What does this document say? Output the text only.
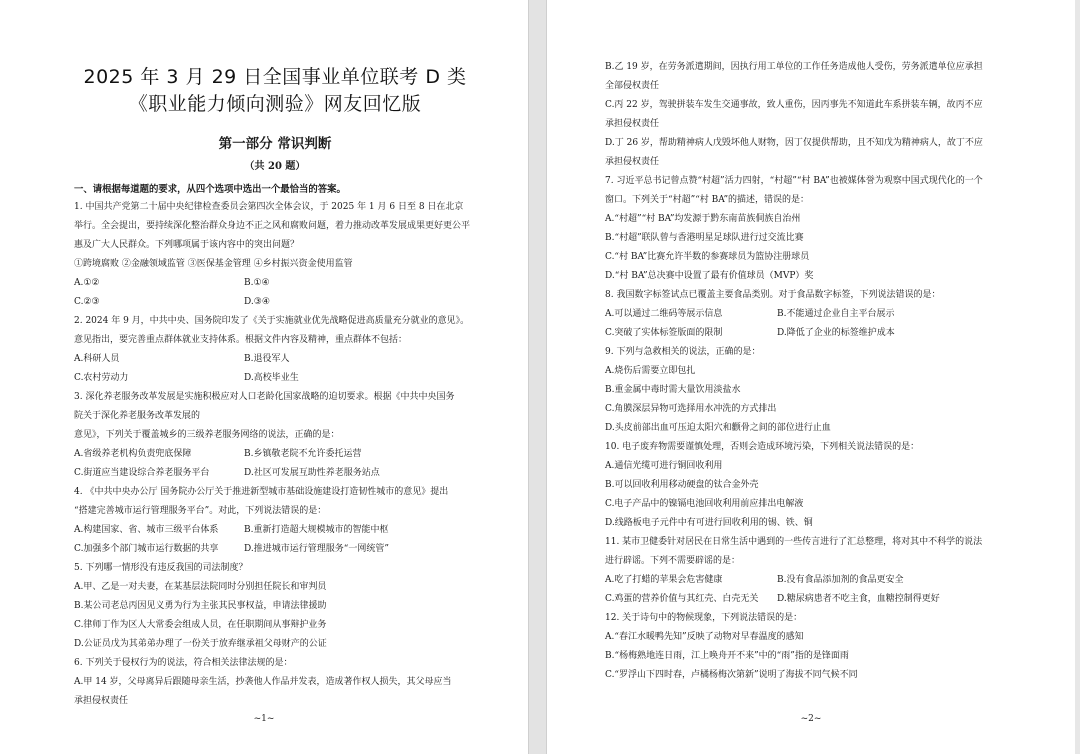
2025 年 3 月 29 日全国事业单位联考 D 类
《职业能力倾向测验》网友回忆版
第一部分 常识判断
（共 20 题）
一、请根据每道题的要求，从四个选项中选出一个最恰当的答案。
1. 中国共产党第二十届中央纪律检查委员会第四次全体会议，于 2025 年 1 月 6 日至 8 日在北京
举行。全会提出，要持续深化整治群众身边不正之风和腐败问题，着力推动改革发展成果更好更公平
惠及广大人民群众。下列哪项属于该内容中的突出问题？
①跨境腐败 ②金融领域监管 ③医保基金管理 ④乡村振兴资金使用监管
A.①②	B.①④
C.②③	D.③④
2. 2024 年 9 月，中共中央、国务院印发了《关于实施就业优先战略促进高质量充分就业的意见》。
意见指出，要完善重点群体就业支持体系。根据文件内容及精神，重点群体不包括：
A.科研人员	B.退役军人
C.农村劳动力	D.高校毕业生
3. 深化养老服务改革发展是实施积极应对人口老龄化国家战略的迫切要求。根据《中共中央国务
院关于深化养老服务改革发展的
意见》，下列关于覆盖城乡的三级养老服务网络的说法，正确的是：
A.省级养老机构负责兜底保障	B.乡镇敬老院不允许委托运营
C.街道应当建设综合养老服务平台	D.社区可发展互助性养老服务站点
4. 《中共中央办公厅 国务院办公厅关于推进新型城市基础设施建设打造韧性城市的意见》提出
“搭建完善城市运行管理服务平台”。对此，下列说法错误的是：
A.构建国家、省、城市三级平台体系	B.重新打造超大规模城市的智能中枢
C.加强多个部门城市运行数据的共享	D.推进城市运行管理服务“一网统管”
5. 下列哪一情形没有违反我国的司法制度？
A.甲、乙是一对夫妻，在某基层法院同时分别担任院长和审判员
B.某公司老总丙因见义勇为行为主张其民事权益，申请法律援助
C.律师丁作为区人大常委会组成人员，在任职期间从事辩护业务
D.公证员戊为其弟弟办理了一份关于放弃继承祖父母财产的公证
6. 下列关于侵权行为的说法，符合相关法律法规的是：
A.甲 14 岁，父母离异后跟随母亲生活，抄袭他人作品并发表，造成著作权人损失，其父母应当
承担侵权责任
~1~
B.乙 19 岁，在劳务派遣期间，因执行用工单位的工作任务造成他人受伤，劳务派遣单位应承担
全部侵权责任
C.丙 22 岁，驾驶拼装车发生交通事故，致人重伤，因丙事先不知道此车系拼装车辆，故丙不应
承担侵权责任
D.丁 26 岁，帮助精神病人戊毁坏他人财物，因丁仅提供帮助，且不知戊为精神病人，故丁不应
承担侵权责任
7. 习近平总书记曾点赞“村超”活力四射，“村超”“村 BA”也被媒体誉为观察中国式现代化的一个
窗口。下列关于“村超”“村 BA”的描述，错误的是：
A.“村超”“村 BA”均发源于黔东南苗族侗族自治州
B.“村超”联队曾与香港明星足球队进行过交流比赛
C.“村 BA”比赛允许半数的参赛球员为篮协注册球员
D.“村 BA”总决赛中设置了最有价值球员（MVP）奖
8. 我国数字标签试点已覆盖主要食品类别。对于食品数字标签，下列说法错误的是：
A.可以通过二维码等展示信息	B.不能通过企业自主平台展示
C.突破了实体标签版面的限制	D.降低了企业的标签维护成本
9. 下列与急救相关的说法，正确的是：
A.烧伤后需要立即包扎
B.重金属中毒时需大量饮用淡盐水
C.角膜深层异物可选择用水冲洗的方式排出
D.头皮前部出血可压迫太阳穴和颧骨之间的部位进行止血
10. 电子废弃物需要谨慎处理，否则会造成环境污染，下列相关说法错误的是：
A.通信光缆可进行铜回收利用
B.可以回收利用移动硬盘的钛合金外壳
C.电子产品中的镍镉电池回收利用前应排出电解液
D.线路板电子元件中有可进行回收利用的锡、铁、铜
11. 某市卫健委针对居民在日常生活中遇到的一些传言进行了汇总整理，将对其中不科学的说法
进行辟谣。下列不需要辟谣的是：
A.吃了打蜡的苹果会危害健康	B.没有食品添加剂的食品更安全
C.鸡蛋的营养价值与其红壳、白壳无关	D.糖尿病患者不吃主食，血糖控制得更好
12. 关于诗句中的物候现象，下列说法错误的是：
A.“春江水暖鸭先知”反映了动物对早春温度的感知
B.“杨梅熟地连日雨，江上唤舟开不来”中的“雨”指的是锋面雨
C.“罗浮山下四时春，卢橘杨梅次第新”说明了海拔不同气候不同
~2~
